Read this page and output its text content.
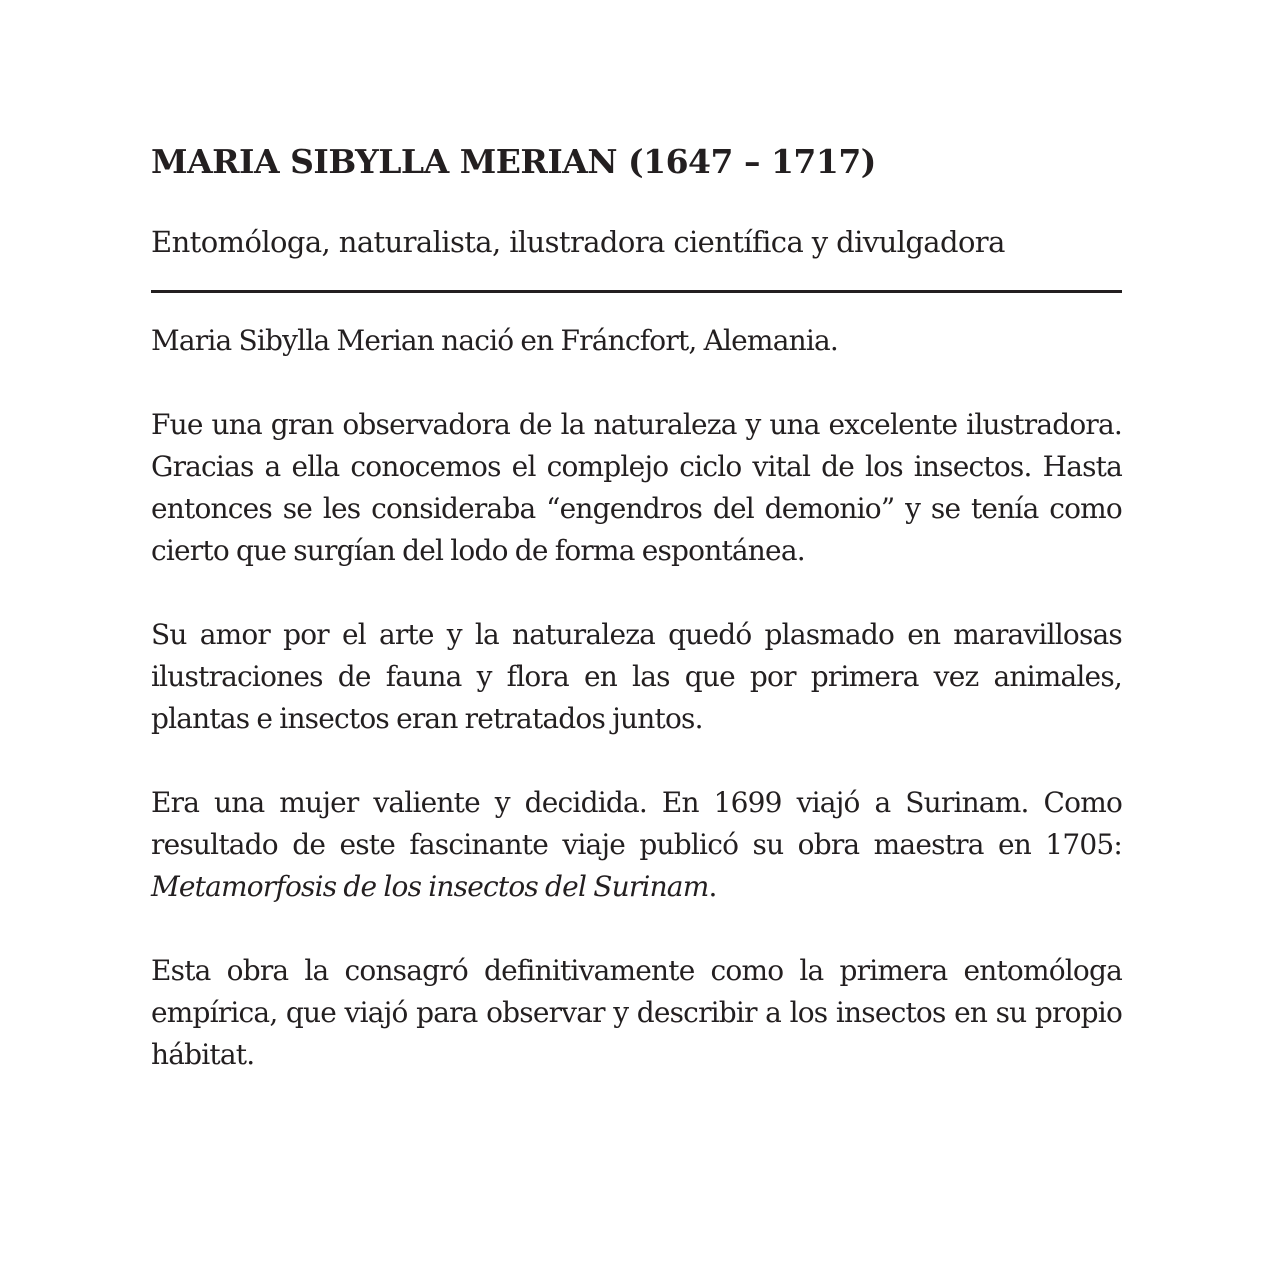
MARIA SIBYLLA MERIAN (1647 – 1717)

Entomóloga, naturalista, ilustradora científica y divulgadora

Maria Sibylla Merian nació en Fráncfort, Alemania.

Fue una gran observadora de la naturaleza y una excelente ilustradora. Gracias a ella conocemos el complejo ciclo vital de los insectos. Hasta entonces se les consideraba “engendros del demonio” y se tenía como cierto que surgían del lodo de forma espontánea.

Su amor por el arte y la naturaleza quedó plasmado en maravillosas ilustraciones de fauna y flora en las que por primera vez animales, plantas e insectos eran retratados juntos.

Era una mujer valiente y decidida. En 1699 viajó a Surinam. Como resultado de este fascinante viaje publicó su obra maestra en 1705: Metamorfosis de los insectos del Surinam.

Esta obra la consagró definitivamente como la primera entomóloga empírica, que viajó para observar y describir a los insectos en su propio hábitat.
